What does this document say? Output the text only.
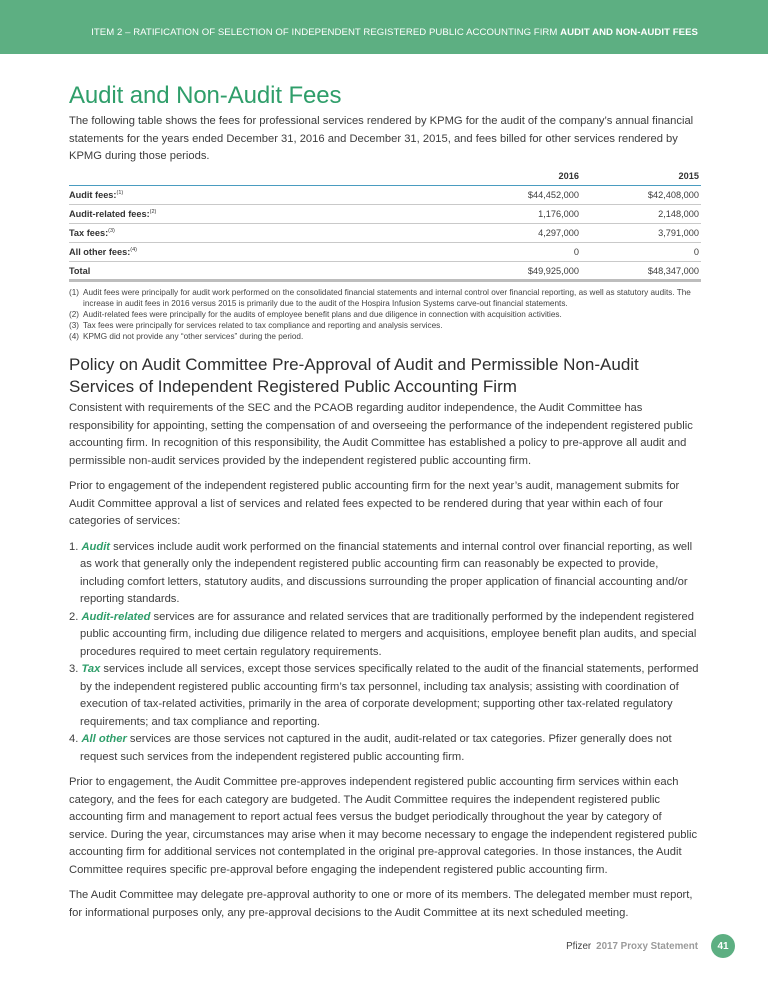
ITEM 2 – RATIFICATION OF SELECTION OF INDEPENDENT REGISTERED PUBLIC ACCOUNTING FIRM AUDIT AND NON-AUDIT FEES
Audit and Non-Audit Fees

The following table shows the fees for professional services rendered by KPMG for the audit of the company’s annual financial statements for the years ended December 31, 2016 and December 31, 2015, and fees billed for other services rendered by KPMG during those periods.

	2016	2015
Audit fees:$^{(1)}$	$44,452,000	$42,408,000
Audit-related fees:$^{(2)}$	1,176,000	2,148,000
Tax fees:$^{(3)}$	4,297,000	3,791,000
All other fees:$^{(4)}$	0	0
Total	$49,925,000	$48,347,000
(1) Audit fees were principally for audit work performed on the consolidated financial statements and internal control over financial reporting, as well as statutory audits. The increase in audit fees in 2016 versus 2015 is primarily due to the audit of the Hospira Infusion Systems carve-out financial statements.
(2) Audit-related fees were principally for the audits of employee benefit plans and due diligence in connection with acquisition activities.
(3) Tax fees were principally for services related to tax compliance and reporting and analysis services.
(4) KPMG did not provide any “other services” during the period.
Policy on Audit Committee Pre-Approval of Audit and Permissible Non-Audit Services of Independent Registered Public Accounting Firm

Consistent with requirements of the SEC and the PCAOB regarding auditor independence, the Audit Committee has responsibility for appointing, setting the compensation of and overseeing the performance of the independent registered public accounting firm. In recognition of this responsibility, the Audit Committee has established a policy to pre-approve all audit and permissible non-audit services provided by the independent registered public accounting firm.

Prior to engagement of the independent registered public accounting firm for the next year’s audit, management submits for Audit Committee approval a list of services and related fees expected to be rendered during that year within each of four categories of services:

1. Audit services include audit work performed on the financial statements and internal control over financial reporting, as well as work that generally only the independent registered public accounting firm can reasonably be expected to provide, including comfort letters, statutory audits, and discussions surrounding the proper application of financial accounting and/or reporting standards.
2. Audit-related services are for assurance and related services that are traditionally performed by the independent registered public accounting firm, including due diligence related to mergers and acquisitions, employee benefit plan audits, and special procedures required to meet certain regulatory requirements.
3. Tax services include all services, except those services specifically related to the audit of the financial statements, performed by the independent registered public accounting firm’s tax personnel, including tax analysis; assisting with coordination of execution of tax-related activities, primarily in the area of corporate development; supporting other tax-related regulatory requirements; and tax compliance and reporting.
4. All other services are those services not captured in the audit, audit-related or tax categories. Pfizer generally does not request such services from the independent registered public accounting firm.

Prior to engagement, the Audit Committee pre-approves independent registered public accounting firm services within each category, and the fees for each category are budgeted. The Audit Committee requires the independent registered public accounting firm and management to report actual fees versus the budget periodically throughout the year by category of service. During the year, circumstances may arise when it may become necessary to engage the independent registered public accounting firm for additional services not contemplated in the original pre-approval categories. In those instances, the Audit Committee requires specific pre-approval before engaging the independent registered public accounting firm.

The Audit Committee may delegate pre-approval authority to one or more of its members. The delegated member must report, for informational purposes only, any pre-approval decisions to the Audit Committee at its next scheduled meeting.

Pfizer 2017 Proxy Statement	41
